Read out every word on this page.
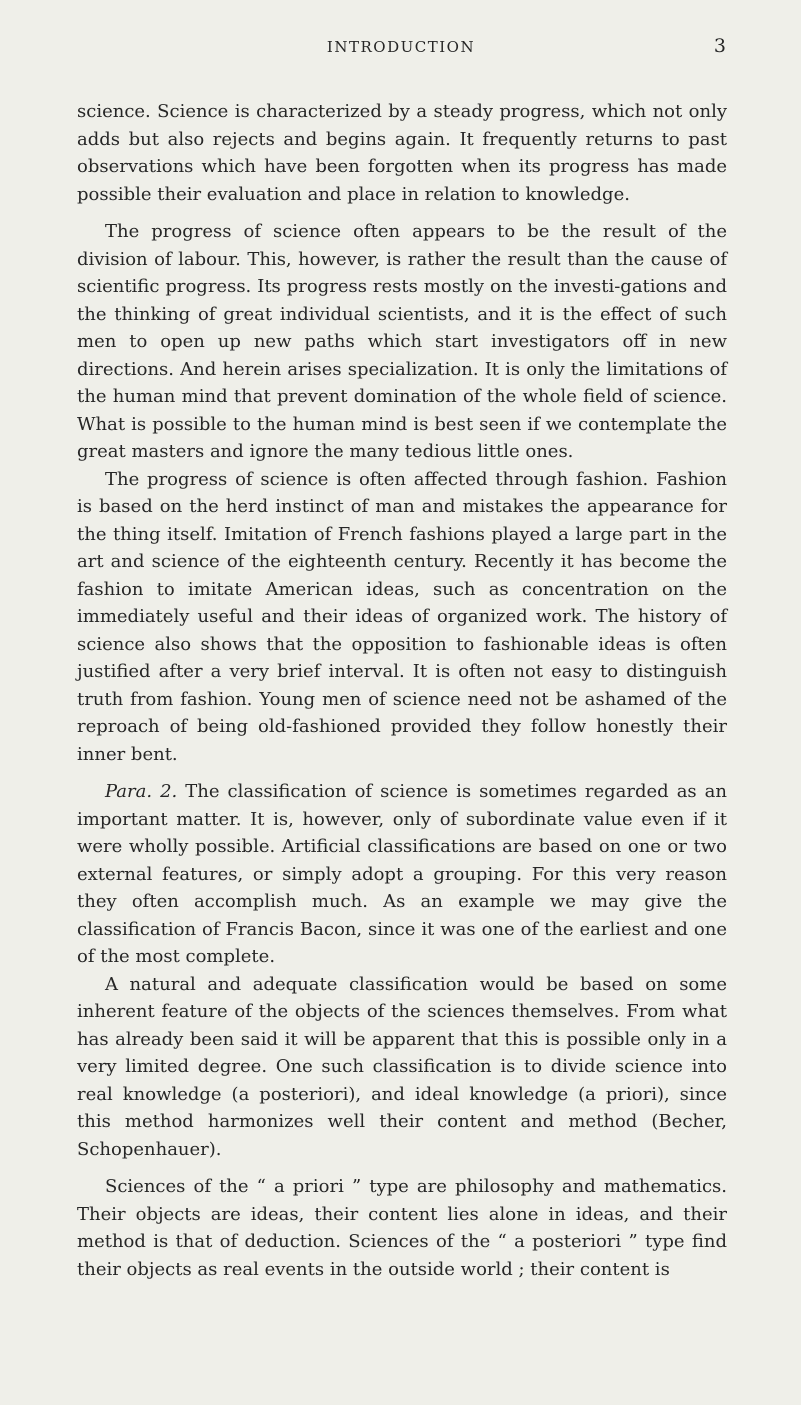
INTRODUCTION	3

science. Science is characterized by a steady progress, which not only adds but also rejects and begins again. It frequently returns to past observations which have been forgotten when its progress has made possible their evaluation and place in relation to knowledge.

The progress of science often appears to be the result of the division of labour. This, however, is rather the result than the cause of scientific progress. Its progress rests mostly on the investi-gations and the thinking of great individual scientists, and it is the effect of such men to open up new paths which start investigators off in new directions. And herein arises specialization. It is only the limitations of the human mind that prevent domination of the whole field of science. What is possible to the human mind is best seen if we contemplate the great masters and ignore the many tedious little ones.

The progress of science is often affected through fashion. Fashion is based on the herd instinct of man and mistakes the appearance for the thing itself. Imitation of French fashions played a large part in the art and science of the eighteenth century. Recently it has become the fashion to imitate American ideas, such as concentration on the immediately useful and their ideas of organized work. The history of science also shows that the opposition to fashionable ideas is often justified after a very brief interval. It is often not easy to distinguish truth from fashion. Young men of science need not be ashamed of the reproach of being old-fashioned provided they follow honestly their inner bent.

Para. 2. The classification of science is sometimes regarded as an important matter. It is, however, only of subordinate value even if it were wholly possible. Artificial classifications are based on one or two external features, or simply adopt a grouping. For this very reason they often accomplish much. As an example we may give the classification of Francis Bacon, since it was one of the earliest and one of the most complete.

A natural and adequate classification would be based on some inherent feature of the objects of the sciences themselves. From what has already been said it will be apparent that this is possible only in a very limited degree. One such classification is to divide science into real knowledge (a posteriori), and ideal knowledge (a priori), since this method harmonizes well their content and method (Becher, Schopenhauer).

Sciences of the “ a priori ” type are philosophy and mathematics. Their objects are ideas, their content lies alone in ideas, and their method is that of deduction. Sciences of the “ a posteriori ” type find their objects as real events in the outside world ; their content is
